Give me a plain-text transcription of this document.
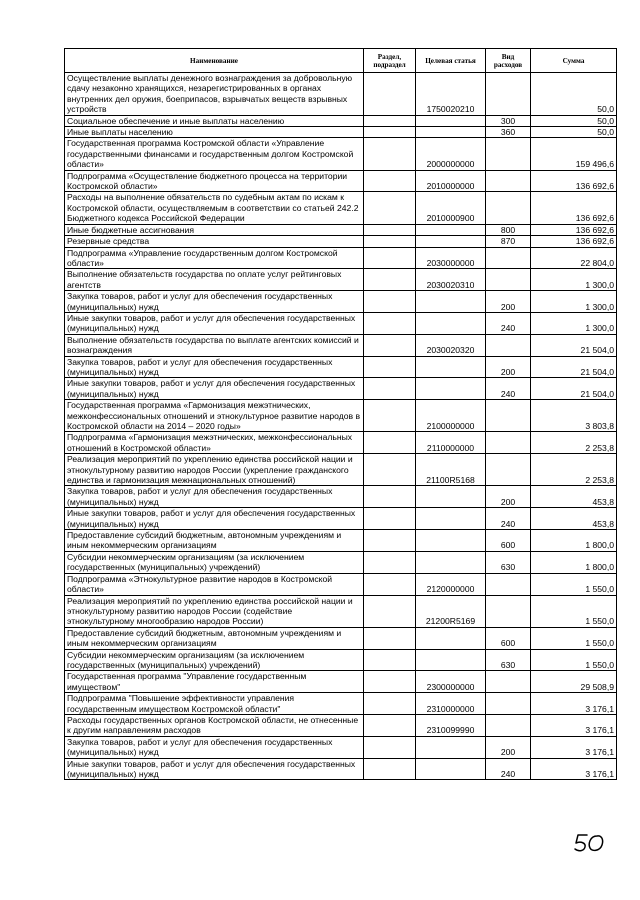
Наименование	Раздел, подраздел	Целевая статья	Вид расходов	Сумма
Осуществление выплаты денежного вознаграждения за добровольную сдачу незаконно хранящихся, незарегистрированных в органах внутренних дел оружия, боеприпасов, взрывчатых веществ взрывных устройств		1750020210		50,0
Социальное обеспечение и иные выплаты населению			300	50,0
Иные выплаты населению			360	50,0
Государственная программа Костромской области «Управление государственными финансами и государственным долгом Костромской области»		2000000000		159 496,6
Подпрограмма «Осуществление бюджетного процесса на территории Костромской области»		2010000000		136 692,6
Расходы на выполнение обязательств по судебным актам по искам к Костромской области, осуществляемым в соответствии со статьей 242.2 Бюджетного кодекса Российской Федерации		2010000900		136 692,6
Иные бюджетные ассигнования			800	136 692,6
Резервные средства			870	136 692,6
Подпрограмма «Управление государственным долгом Костромской области»		2030000000		22 804,0
Выполнение обязательств государства по оплате услуг рейтинговых агентств		2030020310		1 300,0
Закупка товаров, работ и услуг для обеспечения государственных (муниципальных) нужд			200	1 300,0
Иные закупки товаров, работ и услуг для обеспечения государственных (муниципальных) нужд			240	1 300,0
Выполнение обязательств государства по выплате агентских комиссий и вознаграждения		2030020320		21 504,0
Закупка товаров, работ и услуг для обеспечения государственных (муниципальных) нужд			200	21 504,0
Иные закупки товаров, работ и услуг для обеспечения государственных (муниципальных) нужд			240	21 504,0
Государственная программа «Гармонизация межэтнических, межконфессиональных отношений и этнокультурное развитие народов в Костромской области на 2014 – 2020 годы»		2100000000		3 803,8
Подпрограмма «Гармонизация межэтнических, межконфессиональных отношений в Костромской области»		2110000000		2 253,8
Реализация мероприятий по укреплению единства российской нации и этнокультурному развитию народов России (укрепление гражданского единства и гармонизация межнациональных отношений)		21100R5168		2 253,8
Закупка товаров, работ и услуг для обеспечения государственных (муниципальных) нужд			200	453,8
Иные закупки товаров, работ и услуг для обеспечения государственных (муниципальных) нужд			240	453,8
Предоставление субсидий бюджетным, автономным учреждениям и иным некоммерческим организациям			600	1 800,0
Субсидии некоммерческим организациям (за исключением государственных (муниципальных) учреждений)			630	1 800,0
Подпрограмма «Этнокультурное развитие народов в Костромской области»		2120000000		1 550,0
Реализация мероприятий по укреплению единства российской нации и этнокультурному развитию народов России (содействие этнокультурному многообразию народов России)		21200R5169		1 550,0
Предоставление субсидий бюджетным, автономным учреждениям и иным некоммерческим организациям			600	1 550,0
Субсидии некоммерческим организациям (за исключением государственных (муниципальных) учреждений)			630	1 550,0
Государственная программа "Управление государственным имуществом"		2300000000		29 508,9
Подпрограмма "Повышение эффективности управления государственным имуществом Костромской области"		2310000000		3 176,1
Расходы государственных органов Костромской области, не отнесенные к другим направлениям расходов		2310099990		3 176,1
Закупка товаров, работ и услуг для обеспечения государственных (муниципальных) нужд			200	3 176,1
Иные закупки товаров, работ и услуг для обеспечения государственных (муниципальных) нужд			240	3 176,1
